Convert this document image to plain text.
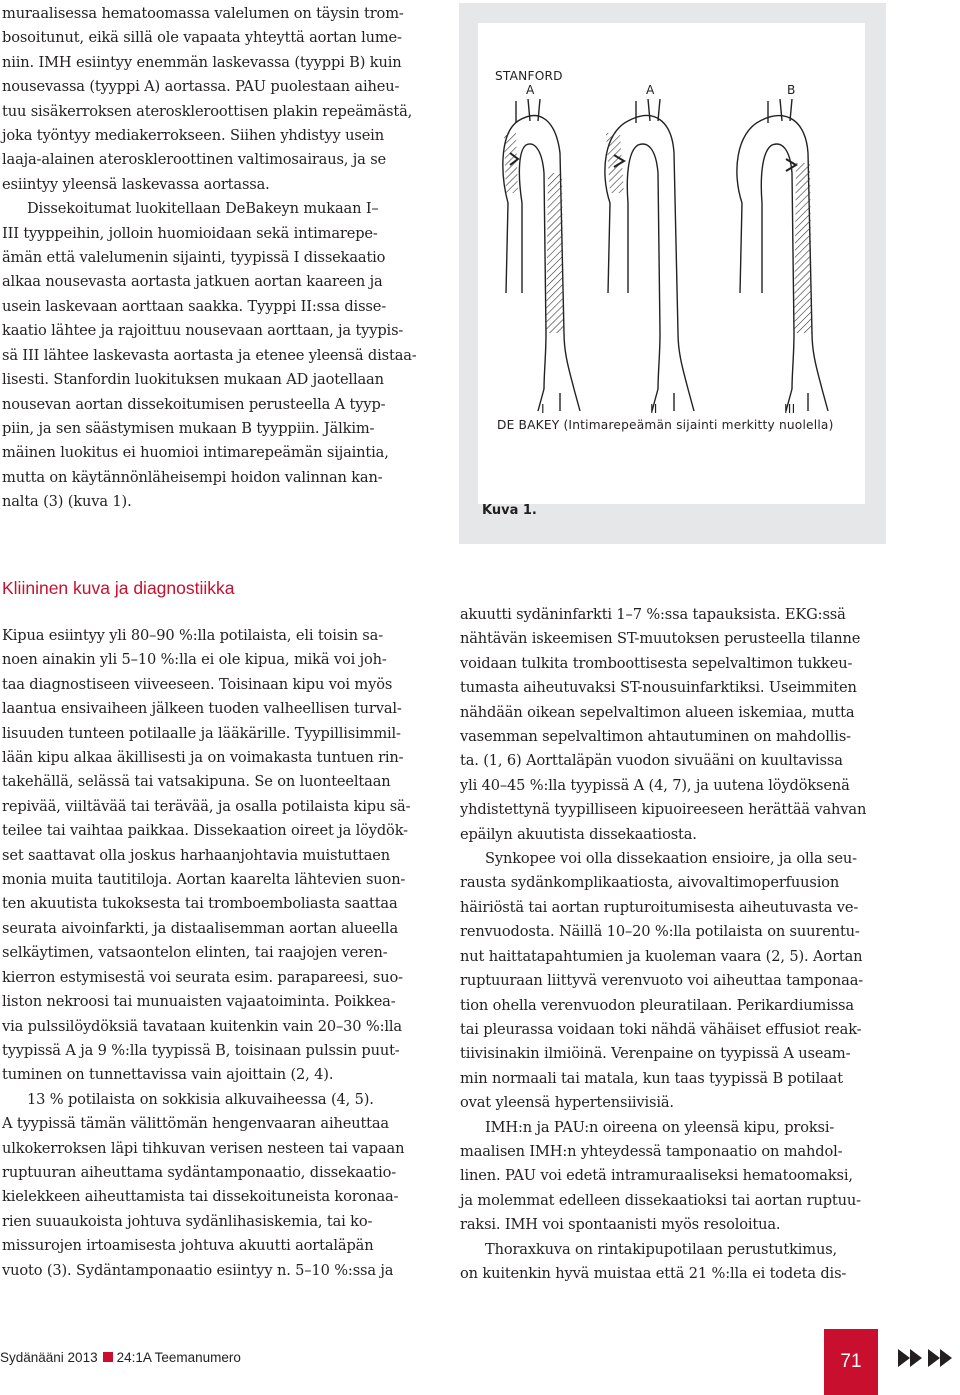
muraalisessa hematoomassa valelumen on täysin trom-
bosoitunut, eikä sillä ole vapaata yhteyttä aortan lume-
niin. IMH esiintyy enemmän laskevassa (tyyppi B) kuin
nousevassa (tyyppi A) aortassa. PAU puolestaan aiheu-
tuu sisäkerroksen ateroskleroottisen plakin repeämästä,
joka työntyy mediakerrokseen. Siihen yhdistyy usein
laaja-alainen ateroskleroottinen valtimosairaus, ja se
esiintyy yleensä laskevassa aortassa.
Dissekoitumat luokitellaan DeBakeyn mukaan I–
III tyyppeihin, jolloin huomioidaan sekä intimarepe-
ämän että valelumenin sijainti, tyypissä I dissekaatio
alkaa nousevasta aortasta jatkuen aortan kaareen ja
usein laskevaan aorttaan saakka. Tyyppi II:ssa disse-
kaatio lähtee ja rajoittuu nousevaan aorttaan, ja tyypis-
sä III lähtee laskevasta aortasta ja etenee yleensä distaa-
lisesti. Stanfordin luokituksen mukaan AD jaotellaan
nousevan aortan dissekoitumisen perusteella A tyyp-
piin, ja sen säästymisen mukaan B tyyppiin. Jälkim-
mäinen luokitus ei huomioi intimarepeämän sijaintia,
mutta on käytännönläheisempi hoidon valinnan kan-
nalta (3) (kuva 1).
STANFORD
A	A	B
I	II	III
DE BAKEY (Intimarepeämän sijainti merkitty nuolella)
Kuva 1.
Kliininen kuva ja diagnostiikka
Kipua esiintyy yli 80–90 %:lla potilaista, eli toisin sa-
noen ainakin yli 5–10 %:lla ei ole kipua, mikä voi joh-
taa diagnostiseen viiveeseen. Toisinaan kipu voi myös
laantua ensivaiheen jälkeen tuoden valheellisen turval-
lisuuden tunteen potilaalle ja lääkärille. Tyypillisimmil-
lään kipu alkaa äkillisesti ja on voimakasta tuntuen rin-
takehällä, selässä tai vatsakipuna. Se on luonteeltaan
repivää, viiltävää tai terävää, ja osalla potilaista kipu sä-
teilee tai vaihtaa paikkaa. Dissekaation oireet ja löydök-
set saattavat olla joskus harhaanjohtavia muistuttaen
monia muita tautitiloja. Aortan kaarelta lähtevien suon-
ten akuutista tukoksesta tai tromboemboliasta saattaa
seurata aivoinfarkti, ja distaalisemman aortan alueella
selkäytimen, vatsaontelon elinten, tai raajojen veren-
kierron estymisestä voi seurata esim. parapareesi, suo-
liston nekroosi tai munuaisten vajaatoiminta. Poikkea-
via pulssilöydöksiä tavataan kuitenkin vain 20–30 %:lla
tyypissä A ja 9 %:lla tyypissä B, toisinaan pulssin puut-
tuminen on tunnettavissa vain ajoittain (2, 4).
13 % potilaista on sokkisia alkuvaiheessa (4, 5).
A tyypissä tämän välittömän hengenvaaran aiheuttaa
ulkokerroksen läpi tihkuvan verisen nesteen tai vapaan
ruptuuran aiheuttama sydäntamponaatio, dissekaatio-
kielekkeen aiheuttamista tai dissekoituneista koronaa-
rien suuaukoista johtuva sydänlihasiskemia, tai ko-
missurojen irtoamisesta johtuva akuutti aortaläpän
vuoto (3). Sydäntamponaatio esiintyy n. 5–10 %:ssa ja
akuutti sydäninfarkti 1–7 %:ssa tapauksista. EKG:ssä
nähtävän iskeemisen ST-muutoksen perusteella tilanne
voidaan tulkita tromboottisesta sepelvaltimon tukkeu-
tumasta aiheutuvaksi ST-nousuinfarktiksi. Useimmiten
nähdään oikean sepelvaltimon alueen iskemiaa, mutta
vasemman sepelvaltimon ahtautuminen on mahdollis-
ta. (1, 6) Aorttaläpän vuodon sivuääni on kuultavissa
yli 40–45 %:lla tyypissä A (4, 7), ja uutena löydöksenä
yhdistettynä tyypilliseen kipuoireeseen herättää vahvan
epäilyn akuutista dissekaatiosta.
Synkopee voi olla dissekaation ensioire, ja olla seu-
rausta sydänkomplikaatiosta, aivovaltimoperfuusion
häiriöstä tai aortan rupturoitumisesta aiheutuvasta ve-
renvuodosta. Näillä 10–20 %:lla potilaista on suurentu-
nut haittatapahtumien ja kuoleman vaara (2, 5). Aortan
ruptuuraan liittyvä verenvuoto voi aiheuttaa tamponaa-
tion ohella verenvuodon pleuratilaan. Perikardiumissa
tai pleurassa voidaan toki nähdä vähäiset effusiot reak-
tiivisinakin ilmiöinä. Verenpaine on tyypissä A useam-
min normaali tai matala, kun taas tyypissä B potilaat
ovat yleensä hypertensiivisiä.
IMH:n ja PAU:n oireena on yleensä kipu, proksi-
maalisen IMH:n yhteydessä tamponaatio on mahdol-
linen. PAU voi edetä intramuraaliseksi hematoomaksi,
ja molemmat edelleen dissekaatioksi tai aortan ruptuu-
raksi. IMH voi spontaanisti myös resoloitua.
Thoraxkuva on rintakipupotilaan perustutkimus,
on kuitenkin hyvä muistaa että 21 %:lla ei todeta dis-
Sydänääni 2013 24:1A Teemanumero	71
